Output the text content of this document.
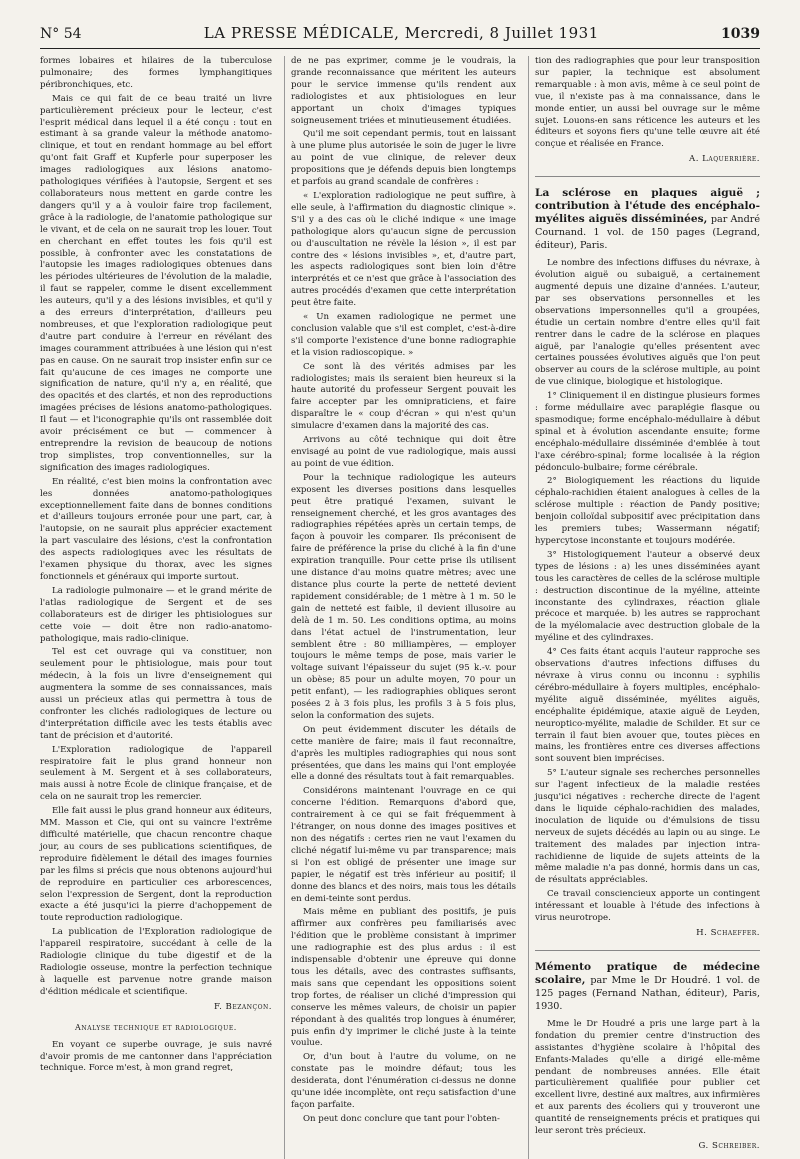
N° 54	LA PRESSE MÉDICALE, Mercredi, 8 Juillet 1931	1039

formes lobaires et hilaires de la tuberculose pulmonaire; des formes lymphangitiques péribronchiques, etc.

Mais ce qui fait de ce beau traité un livre particulièrement précieux pour le lecteur, c'est l'esprit médical dans lequel il a été conçu : tout en estimant à sa grande valeur la méthode anatomo-clinique, et tout en rendant hommage au bel effort qu'ont fait Graff et Kupferle pour superposer les images radiologiques aux lésions anatomo-pathologiques vérifiées à l'autopsie, Sergent et ses collaborateurs nous mettent en garde contre les dangers qu'il y a à vouloir faire trop facilement, grâce à la radiologie, de l'anatomie pathologique sur le vivant, et de cela on ne saurait trop les louer. Tout en cherchant en effet toutes les fois qu'il est possible, à confronter avec les constatations de l'autopsie les images radiologiques obtenues dans les périodes ultérieures de l'évolution de la maladie, il faut se rappeler, comme le disent excellemment les auteurs, qu'il y a des lésions invisibles, et qu'il y a des erreurs d'interprétation, d'ailleurs peu nombreuses, et que l'exploration radiologique peut d'autre part conduire à l'erreur en révélant des images couramment attribuées à une lésion qui n'est pas en cause. On ne saurait trop insister enfin sur ce fait qu'aucune de ces images ne comporte une signification de nature, qu'il n'y a, en réalité, que des opacités et des clartés, et non des reproductions imagées précises de lésions anatomo-pathologiques. Il faut — et l'iconographie qu'ils ont rassemblée doit avoir précisément ce but — commencer à entreprendre la revision de beaucoup de notions trop simplistes, trop conventionnelles, sur la signification des images radiologiques.

En réalité, c'est bien moins la confrontation avec les données anatomo-pathologiques exceptionnellement faite dans de bonnes conditions et d'ailleurs toujours erronée pour une part, car, à l'autopsie, on ne saurait plus apprécier exactement la part vasculaire des lésions, c'est la confrontation des aspects radiologiques avec les résultats de l'examen physique du thorax, avec les signes fonctionnels et généraux qui importe surtout.

La radiologie pulmonaire — et le grand mérite de l'atlas radiologique de Sergent et de ses collaborateurs est de diriger les phtisiologues sur cette voie — doit être non radio-anatomo-pathologique, mais radio-clinique.

Tel est cet ouvrage qui va constituer, non seulement pour le phtisiologue, mais pour tout médecin, à la fois un livre d'enseignement qui augmentera la somme de ses connaissances, mais aussi un précieux atlas qui permettra à tous de confronter les clichés radiologiques de lecture ou d'interprétation difficile avec les tests établis avec tant de précision et d'autorité.

L'Exploration radiologique de l'appareil respiratoire fait le plus grand honneur non seulement à M. Sergent et à ses collaborateurs, mais aussi à notre École de clinique française, et de cela on ne saurait trop les remercier.

Elle fait aussi le plus grand honneur aux éditeurs, MM. Masson et Cie, qui ont su vaincre l'extrême difficulté matérielle, que chacun rencontre chaque jour, au cours de ses publications scientifiques, de reproduire fidèlement le détail des images fournies par les films si précis que nous obtenons aujourd'hui de reproduire en particulier ces arborescences, selon l'expression de Sergent, dont la reproduction exacte a été jusqu'ici la pierre d'achoppement de toute reproduction radiologique.

La publication de l'Exploration radiologique de l'appareil respiratoire, succédant à celle de la Radiologie clinique du tube digestif et de la Radiologie osseuse, montre la perfection technique à laquelle est parvenue notre grande maison d'édition médicale et scientifique.

F. Bezançon.
Analyse technique et radiologique.

En voyant ce superbe ouvrage, je suis navré d'avoir promis de me cantonner dans l'appréciation technique. Force m'est, à mon grand regret,

de ne pas exprimer, comme je le voudrais, la grande reconnaissance que méritent les auteurs pour le service immense qu'ils rendent aux radiologistes et aux phtisiologues en leur apportant un choix d'images typiques soigneusement triées et minutieusement étudiées.

Qu'il me soit cependant permis, tout en laissant à une plume plus autorisée le soin de juger le livre au point de vue clinique, de relever deux propositions que je défends depuis bien longtemps et parfois au grand scandale de confrères :

« L'exploration radiologique ne peut suffire, à elle seule, à l'affirmation du diagnostic clinique ». S'il y a des cas où le cliché indique « une image pathologique alors qu'aucun signe de percussion ou d'auscultation ne révèle la lésion », il est par contre des « lésions invisibles », et, d'autre part, les aspects radiologiques sont bien loin d'être interprétés et ce n'est que grâce à l'association des autres procédés d'examen que cette interprétation peut être faite.

« Un examen radiologique ne permet une conclusion valable que s'il est complet, c'est-à-dire s'il comporte l'existence d'une bonne radiographie et la vision radioscopique. »

Ce sont là des vérités admises par les radiologistes; mais ils seraient bien heureux si la haute autorité du professeur Sergent pouvait les faire accepter par les omnipraticiens, et faire disparaître le « coup d'écran » qui n'est qu'un simulacre d'examen dans la majorité des cas.

Arrivons au côté technique qui doit être envisagé au point de vue radiologique, mais aussi au point de vue édition.

Pour la technique radiologique les auteurs exposent les diverses positions dans lesquelles peut être pratiqué l'examen, suivant le renseignement cherché, et les gros avantages des radiographies répétées après un certain temps, de façon à pouvoir les comparer. Ils préconisent de faire de préférence la prise du cliché à la fin d'une expiration tranquille. Pour cette prise ils utilisent une distance d'au moins quatre mètres; avec une distance plus courte la perte de netteté devient rapidement considérable; de 1 mètre à 1 m. 50 le gain de netteté est faible, il devient illusoire au delà de 1 m. 50. Les conditions optima, au moins dans l'état actuel de l'instrumentation, leur semblent être : 80 milliampères, — employer toujours le même temps de pose, mais varier le voltage suivant l'épaisseur du sujet (95 k.-v. pour un obèse; 85 pour un adulte moyen, 70 pour un petit enfant), — les radiographies obliques seront posées 2 à 3 fois plus, les profils 3 à 5 fois plus, selon la conformation des sujets.

On peut évidemment discuter les détails de cette manière de faire; mais il faut reconnaître, d'après les multiples radiographies qui nous sont présentées, que dans les mains qui l'ont employée elle a donné des résultats tout à fait remarquables.

Considérons maintenant l'ouvrage en ce qui concerne l'édition. Remarquons d'abord que, contrairement à ce qui se fait fréquemment à l'étranger, on nous donne des images positives et non des négatifs : certes rien ne vaut l'examen du cliché négatif lui-même vu par transparence; mais si l'on est obligé de présenter une image sur papier, le négatif est très inférieur au positif; il donne des blancs et des noirs, mais tous les détails en demi-teinte sont perdus.

Mais même en publiant des positifs, je puis affirmer aux confrères peu familiarisés avec l'édition que le problème consistant à imprimer une radiographie est des plus ardus : il est indispensable d'obtenir une épreuve qui donne tous les détails, avec des contrastes suffisants, mais sans que cependant les oppositions soient trop fortes, de réaliser un cliché d'impression qui conserve les mêmes valeurs, de choisir un papier répondant à des qualités trop longues à énumérer, puis enfin d'y imprimer le cliché juste à la teinte voulue.

Or, d'un bout à l'autre du volume, on ne constate pas le moindre défaut; tous les desiderata, dont l'énumération ci-dessus ne donne qu'une idée incomplète, ont reçu satisfaction d'une façon parfaite.

On peut donc conclure que tant pour l'obten-

tion des radiographies que pour leur transposition sur papier, la technique est absolument remarquable : à mon avis, même à ce seul point de vue, il n'existe pas à ma connaissance, dans le monde entier, un aussi bel ouvrage sur le même sujet. Louons-en sans réticence les auteurs et les éditeurs et soyons fiers qu'une telle œuvre ait été conçue et réalisée en France.

A. Laquerrière.
La sclérose en plaques aiguë ; contribution à l'étude des encéphalo-myélites aiguës disséminées, par André Cournand. 1 vol. de 150 pages (Legrand, éditeur), Paris.

Le nombre des infections diffuses du névraxe, à évolution aiguë ou subaiguë, a certainement augmenté depuis une dizaine d'années. L'auteur, par ses observations personnelles et les observations impersonnelles qu'il a groupées, étudie un certain nombre d'entre elles qu'il fait rentrer dans le cadre de la sclérose en plaques aiguë, par l'analogie qu'elles présentent avec certaines poussées évolutives aiguës que l'on peut observer au cours de la sclérose multiple, au point de vue clinique, biologique et histologique.

1° Cliniquement il en distingue plusieurs formes : forme médullaire avec paraplégie flasque ou spasmodique; forme encéphalo-médullaire à début spinal et à évolution ascendante ensuite; forme encéphalo-médullaire disséminée d'emblée à tout l'axe cérébro-spinal; forme localisée à la région pédonculo-bulbaire; forme cérébrale.

2° Biologiquement les réactions du liquide céphalo-rachidien étaient analogues à celles de la sclérose multiple : réaction de Pandy positive; benjoin colloïdal subpositif avec précipitation dans les premiers tubes; Wassermann négatif; hypercytose inconstante et toujours modérée.

3° Histologiquement l'auteur a observé deux types de lésions : a) les unes disséminées ayant tous les caractères de celles de la sclérose multiple : destruction discontinue de la myéline, atteinte inconstante des cylindraxes, réaction gliale précoce et marquée. b) les autres se rapprochant de la myélomalacie avec destruction globale de la myéline et des cylindraxes.

4° Ces faits étant acquis l'auteur rapproche ses observations d'autres infections diffuses du névraxe à virus connu ou inconnu : syphilis cérébro-médullaire à foyers multiples, encéphalo-myélite aiguë disséminée, myélites aiguës, encéphalite épidémique, ataxie aiguë de Leyden, neuroptico-myélite, maladie de Schilder. Et sur ce terrain il faut bien avouer que, toutes pièces en mains, les frontières entre ces diverses affections sont souvent bien imprécises.

5° L'auteur signale ses recherches personnelles sur l'agent infectieux de la maladie restées jusqu'ici négatives : recherche directe de l'agent dans le liquide céphalo-rachidien des malades, inoculation de liquide ou d'émulsions de tissu nerveux de sujets décédés au lapin ou au singe. Le traitement des malades par injection intra-rachidienne de liquide de sujets atteints de la même maladie n'a pas donné, hormis dans un cas, de résultats appréciables.

Ce travail consciencieux apporte un contingent intéressant et louable à l'étude des infections à virus neurotrope.

H. Schaeffer.
Mémento pratique de médecine scolaire, par Mme le Dr Houdré. 1 vol. de 125 pages (Fernand Nathan, éditeur), Paris, 1930.

Mme le Dr Houdré a pris une large part à la fondation du premier centre d'instruction des assistantes d'hygiène scolaire à l'hôpital des Enfants-Malades qu'elle a dirigé elle-même pendant de nombreuses années. Elle était particulièrement qualifiée pour publier cet excellent livre, destiné aux maîtres, aux infirmières et aux parents des écoliers qui y trouveront une quantité de renseignements précis et pratiques qui leur seront très précieux.

G. Schreiber.
